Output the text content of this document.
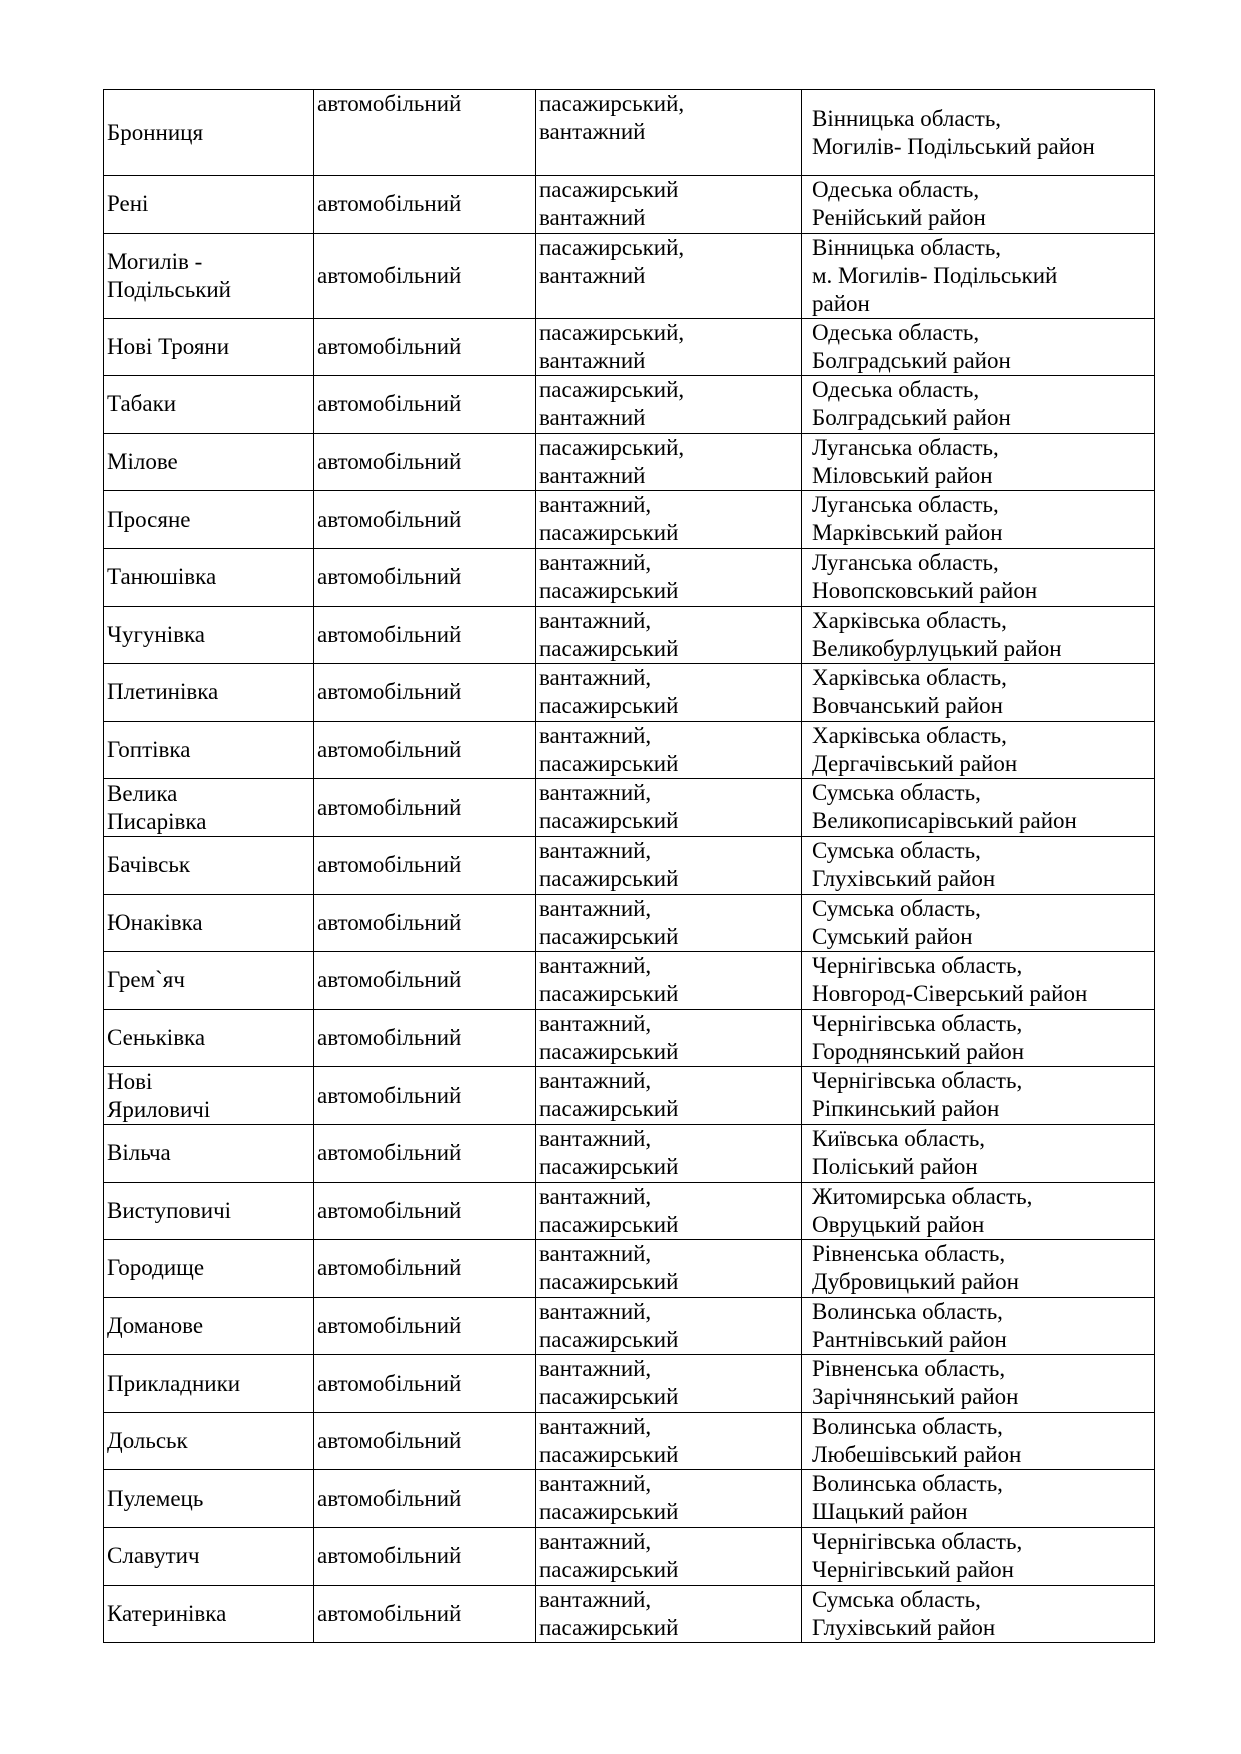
Бронниця	автомобільний	пасажирський,
вантажний	Вінницька область,
Могилів- Подільський район

Рені	автомобільний	пасажирський
вантажний	Одеська область,
Ренійський район

Могилів -
Подільський	автомобільний	пасажирський,
вантажний	Вінницька область,
м. Могилів- Подільський
район

Нові Трояни	автомобільний	пасажирський,
вантажний	Одеська область,
Болградський район

Табаки	автомобільний	пасажирський,
вантажний	Одеська область,
Болградський район

Мілове	автомобільний	пасажирський,
вантажний	Луганська область,
Міловський район

Просяне	автомобільний	вантажний,
пасажирський	Луганська область,
Марківський район

Танюшівка	автомобільний	вантажний,
пасажирський	Луганська область,
Новопсковський район

Чугунівка	автомобільний	вантажний,
пасажирський	Харківська область,
Великобурлуцький район

Плетинівка	автомобільний	вантажний,
пасажирський	Харківська область,
Вовчанський район

Гоптівка	автомобільний	вантажний,
пасажирський	Харківська область,
Дергачівський район

Велика
Писарівка	автомобільний	вантажний,
пасажирський	Сумська область,
Великописарівський район

Бачівськ	автомобільний	вантажний,
пасажирський	Сумська область,
Глухівський район

Юнаківка	автомобільний	вантажний,
пасажирський	Сумська область,
Сумський район

Грем`яч	автомобільний	вантажний,
пасажирський	Чернігівська область,
Новгород-Сіверський район

Сеньківка	автомобільний	вантажний,
пасажирський	Чернігівська область,
Городнянський район

Нові
Яриловичі	автомобільний	вантажний,
пасажирський	Чернігівська область,
Ріпкинський район

Вільча	автомобільний	вантажний,
пасажирський	Київська область,
Поліський район

Виступовичі	автомобільний	вантажний,
пасажирський	Житомирська область,
Овруцький район

Городище	автомобільний	вантажний,
пасажирський	Рівненська область,
Дубровицький район

Доманове	автомобільний	вантажний,
пасажирський	Волинська область,
Рантнівський район

Прикладники	автомобільний	вантажний,
пасажирський	Рівненська область,
Зарічнянський район

Дольськ	автомобільний	вантажний,
пасажирський	Волинська область,
Любешівський район

Пулемець	автомобільний	вантажний,
пасажирський	Волинська область,
Шацький район

Славутич	автомобільний	вантажний,
пасажирський	Чернігівська область,
Чернігівський район

Катеринівка	автомобільний	вантажний,
пасажирський	Сумська область,
Глухівський район
